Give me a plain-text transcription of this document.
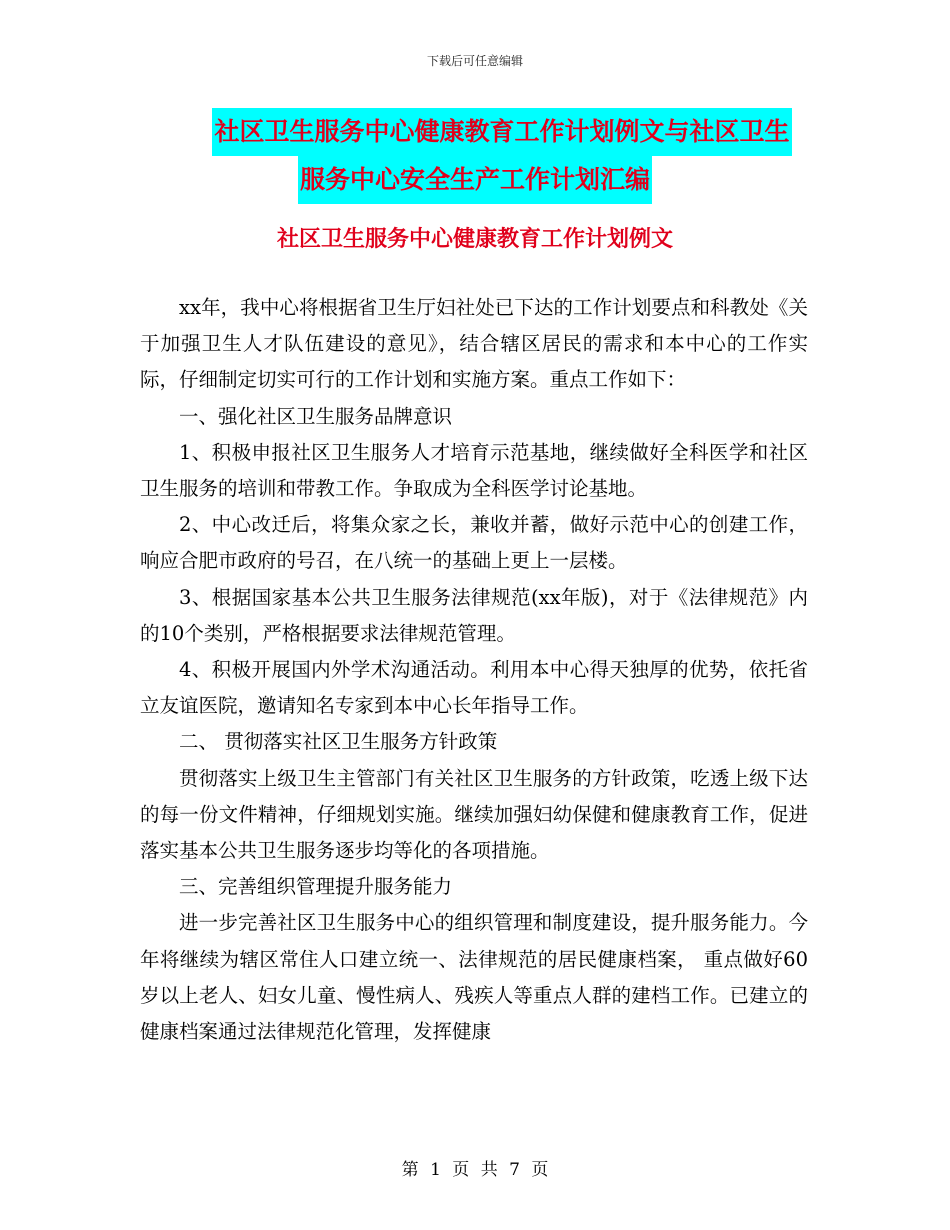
下载后可任意编辑
社区卫生服务中心健康教育工作计划例文与社区卫生
服务中心安全生产工作计划汇编
社区卫生服务中心健康教育工作计划例文

xx年，我中心将根据省卫生厅妇社处已下达的工作计划要点和科教处《关于加强卫生人才队伍建设的意见》，结合辖区居民的需求和本中心的工作实际，仔细制定切实可行的工作计划和实施方案。重点工作如下：

一、强化社区卫生服务品牌意识

1、积极申报社区卫生服务人才培育示范基地，继续做好全科医学和社区卫生服务的培训和带教工作。争取成为全科医学讨论基地。

2、中心改迁后，将集众家之长，兼收并蓄，做好示范中心的创建工作，响应合肥市政府的号召，在八统一的基础上更上一层楼。

3、根据国家基本公共卫生服务法律规范(xx年版)，对于《法律规范》内的10个类别，严格根据要求法律规范管理。

4、积极开展国内外学术沟通活动。利用本中心得天独厚的优势，依托省立友谊医院，邀请知名专家到本中心长年指导工作。

二、 贯彻落实社区卫生服务方针政策

贯彻落实上级卫生主管部门有关社区卫生服务的方针政策，吃透上级下达的每一份文件精神，仔细规划实施。继续加强妇幼保健和健康教育工作，促进落实基本公共卫生服务逐步均等化的各项措施。

三、完善组织管理提升服务能力

进一步完善社区卫生服务中心的组织管理和制度建设，提升服务能力。今年将继续为辖区常住人口建立统一、法律规范的居民健康档案， 重点做好60岁以上老人、妇女儿童、慢性病人、残疾人等重点人群的建档工作。已建立的健康档案通过法律规范化管理，发挥健康

第 1 页 共 7 页
